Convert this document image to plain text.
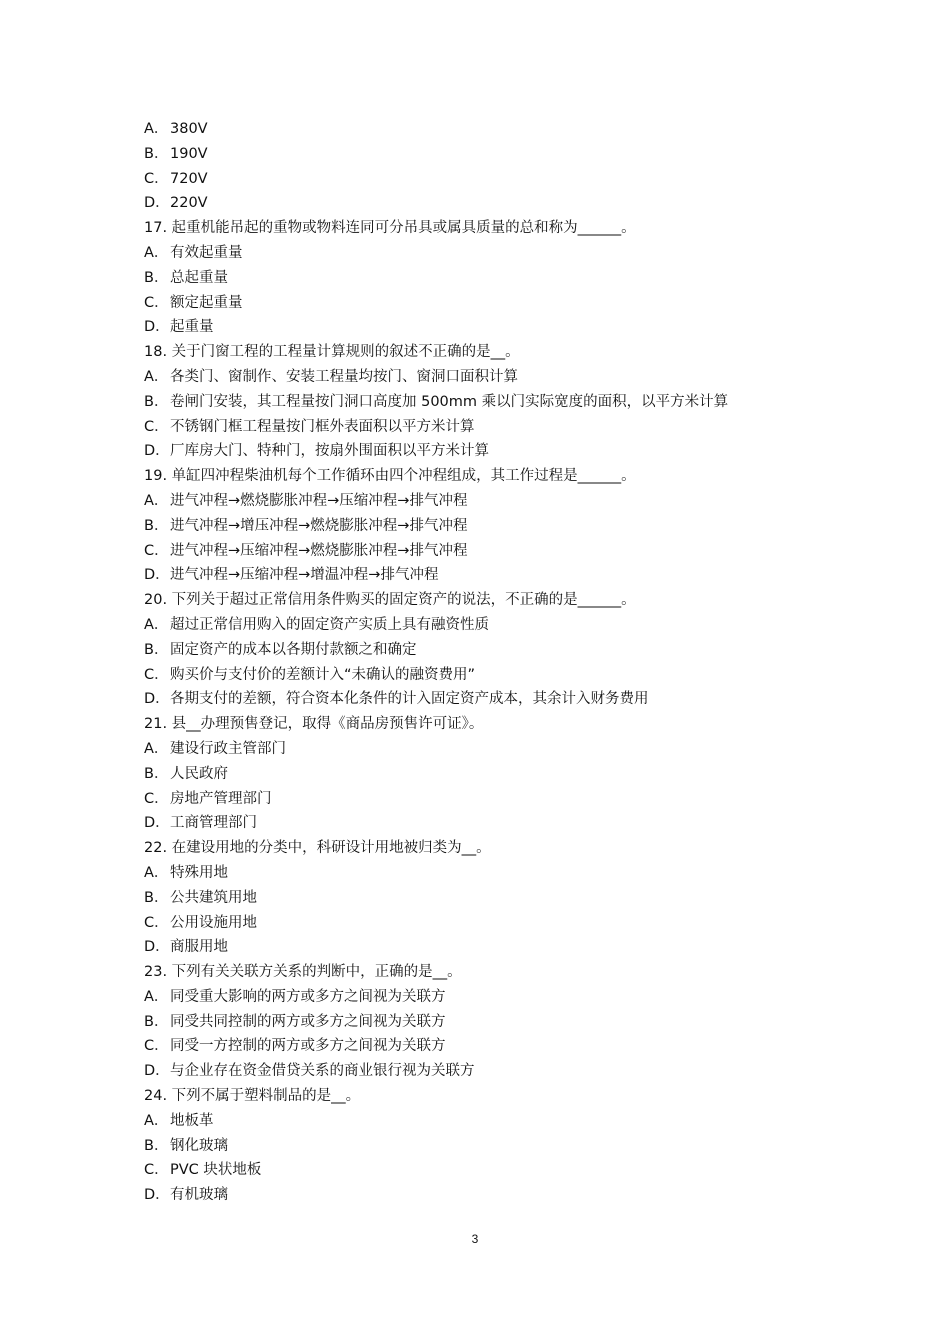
A． 380V
B． 190V
C． 720V
D． 220V
17. 起重机能吊起的重物或物料连同可分吊具或属具质量的总和称为______。
A． 有效起重量
B． 总起重量
C． 额定起重量
D． 起重量
18. 关于门窗工程的工程量计算规则的叙述不正确的是__。
A． 各类门、窗制作、安装工程量均按门、窗洞口面积计算
B． 卷闸门安装，其工程量按门洞口高度加 500mm 乘以门实际宽度的面积，以平方米计算
C． 不锈钢门框工程量按门框外表面积以平方米计算
D． 厂库房大门、特种门，按扇外围面积以平方米计算
19. 单缸四冲程柴油机每个工作循环由四个冲程组成，其工作过程是______。
A． 进气冲程→燃烧膨胀冲程→压缩冲程→排气冲程
B． 进气冲程→增压冲程→燃烧膨胀冲程→排气冲程
C． 进气冲程→压缩冲程→燃烧膨胀冲程→排气冲程
D． 进气冲程→压缩冲程→增温冲程→排气冲程
20. 下列关于超过正常信用条件购买的固定资产的说法，不正确的是______。
A． 超过正常信用购入的固定资产实质上具有融资性质
B． 固定资产的成本以各期付款额之和确定
C． 购买价与支付价的差额计入“未确认的融资费用”
D． 各期支付的差额，符合资本化条件的计入固定资产成本，其余计入财务费用
21. 县__办理预售登记，取得《商品房预售许可证》。
A． 建设行政主管部门
B． 人民政府
C． 房地产管理部门
D． 工商管理部门
22. 在建设用地的分类中，科研设计用地被归类为__。
A． 特殊用地
B． 公共建筑用地
C． 公用设施用地
D． 商服用地
23. 下列有关关联方关系的判断中，正确的是__。
A． 同受重大影响的两方或多方之间视为关联方
B． 同受共同控制的两方或多方之间视为关联方
C． 同受一方控制的两方或多方之间视为关联方
D． 与企业存在资金借贷关系的商业银行视为关联方
24. 下列不属于塑料制品的是__。
A． 地板革
B． 钢化玻璃
C． PVC 块状地板
D． 有机玻璃
3
